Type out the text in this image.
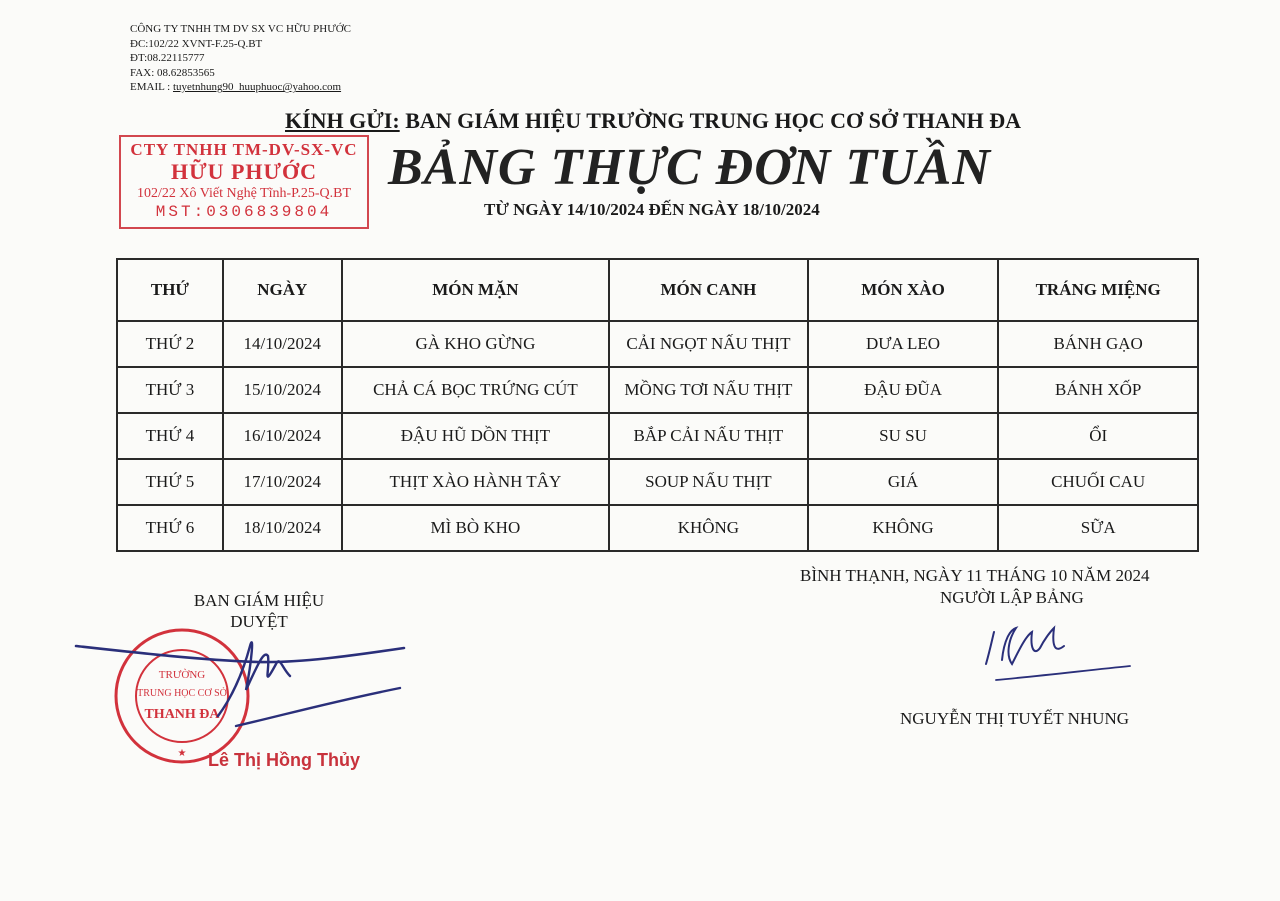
CÔNG TY TNHH TM DV SX VC HỮU PHƯỚC
ĐC:102/22 XVNT-F.25-Q.BT
ĐT:08.22115777
FAX: 08.62853565
EMAIL : tuyetnhung90_huuphuoc@yahoo.com
KÍNH GỬI: BAN GIÁM HIỆU TRƯỜNG TRUNG HỌC CƠ SỞ THANH ĐA
CTY TNHH TM-DV-SX-VC
HỮU PHƯỚC
102/22 Xô Viết Nghệ Tĩnh-P.25-Q.BT
MST:0306839804
BẢNG THỰC ĐƠN TUẦN
TỪ NGÀY 14/10/2024 ĐẾN NGÀY 18/10/2024
THỨ	NGÀY	MÓN MẶN	MÓN CANH	MÓN XÀO	TRÁNG MIỆNG
THỨ 2	14/10/2024	GÀ KHO GỪNG	CẢI NGỌT NẤU THỊT	DƯA LEO	BÁNH GẠO
THỨ 3	15/10/2024	CHẢ CÁ BỌC TRỨNG CÚT	MỒNG TƠI NẤU THỊT	ĐẬU ĐŨA	BÁNH XỐP
THỨ 4	16/10/2024	ĐẬU HŨ DỒN THỊT	BẮP CẢI NẤU THỊT	SU SU	ỔI
THỨ 5	17/10/2024	THỊT XÀO HÀNH TÂY	SOUP NẤU THỊT	GIÁ	CHUỐI CAU
THỨ 6	18/10/2024	MÌ BÒ KHO	KHÔNG	KHÔNG	SỮA
BAN GIÁM HIỆU
DUYỆT
TRƯỜNG
TRUNG HỌC CƠ SỞ
THANH ĐA
★ Lê Thị Hồng Thủy
BÌNH THẠNH, NGÀY 11 THÁNG 10 NĂM 2024
NGƯỜI LẬP BẢNG
NGUYỄN THỊ TUYẾT NHUNG
